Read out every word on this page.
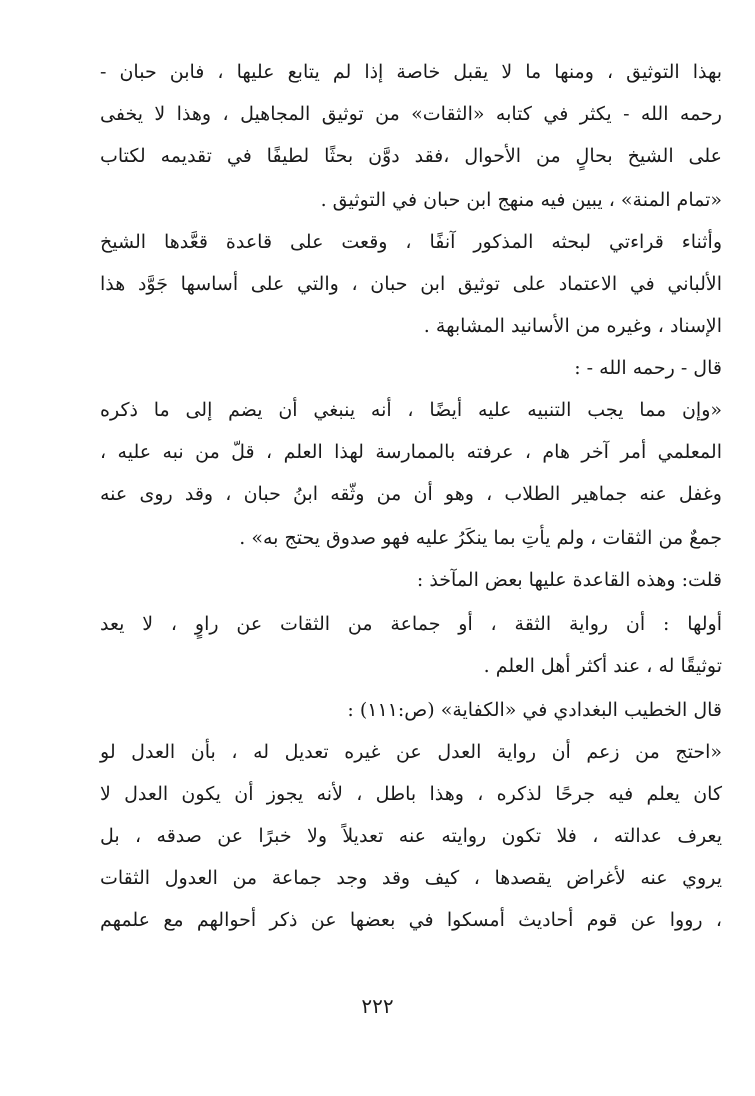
بهذا التوثيق ، ومنها ما لا يقبل خاصة إذا لم يتابع عليها ، فابن حبان -
رحمه الله - يكثر في كتابه «الثقات» من توثيق المجاهيل ، وهذا لا يخفى
على الشيخ بحالٍ من الأحوال ،فقد دوَّن بحثًا لطيفًا في تقديمه لكتاب
«تمام المنة» ، يبين فيه منهج ابن حبان في التوثيق .
وأثناء قراءتي لبحثه المذكور آنفًا ، وقعت على قاعدة قعَّدها الشيخ
الألباني في الاعتماد على توثيق ابن حبان ، والتي على أساسها جَوَّد هذا
الإسناد ، وغيره من الأسانيد المشابهة .
قال - رحمه الله - :
«وإن مما يجب التنبيه عليه أيضًا ، أنه ينبغي أن يضم إلى ما ذكره
المعلمي أمر آخر هام ، عرفته بالممارسة لهذا العلم ، قلّ من نبه عليه ،
وغفل عنه جماهير الطلاب ، وهو أن من وثّقه ابنُ حبان ، وقد روى عنه
جمعٌ من الثقات ، ولم يأتِ بما ينكَرُ عليه فهو صدوق يحتج به» .
قلت: وهذه القاعدة عليها بعض المآخذ :
أولها : أن رواية الثقة ، أو جماعة من الثقات عن راوٍ ، لا يعد
توثيقًا له ، عند أكثر أهل العلم .
قال الخطيب البغدادي في «الكفاية» (ص:١١١) :
«احتج من زعم أن رواية العدل عن غيره تعديل له ، بأن العدل لو
كان يعلم فيه جرحًا لذكره ، وهذا باطل ، لأنه يجوز أن يكون العدل لا
يعرف عدالته ، فلا تكون روايته عنه تعديلاً ولا خبرًا عن صدقه ، بل
يروي عنه لأغراض يقصدها ، كيف وقد وجد جماعة من العدول الثقات
، رووا عن قوم أحاديث أمسكوا في بعضها عن ذكر أحوالهم مع علمهم
٢٢٢
